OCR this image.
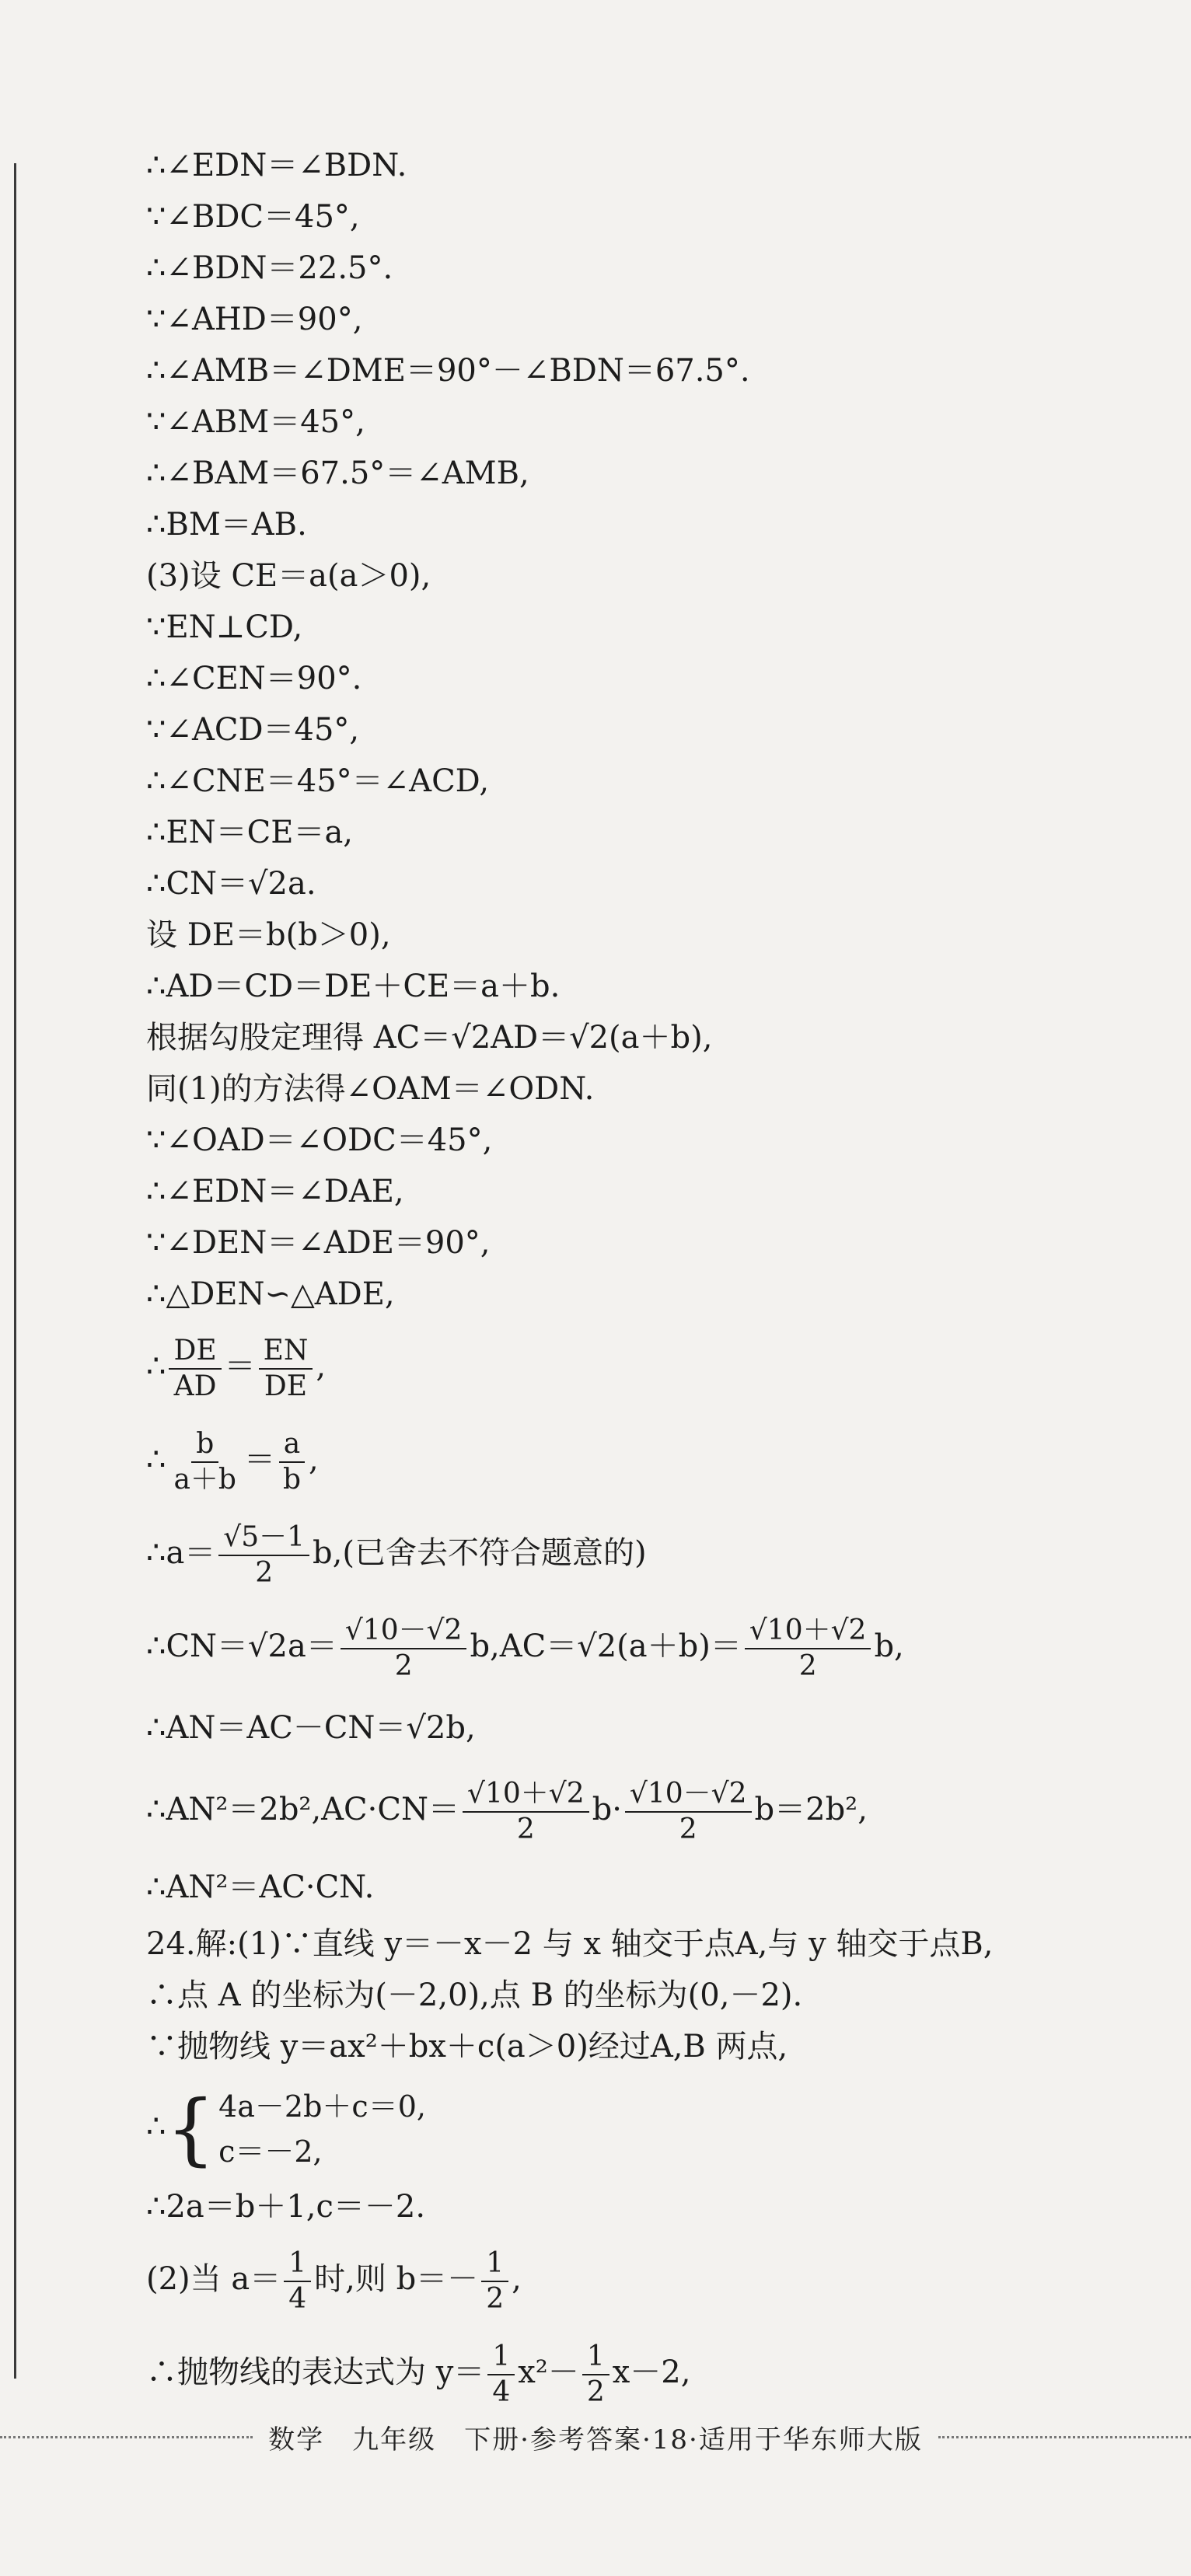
∴∠EDN＝∠BDN.
∵∠BDC＝45°,
∴∠BDN＝22.5°.
∵∠AHD＝90°,
∴∠AMB＝∠DME＝90°－∠BDN＝67.5°.
∵∠ABM＝45°,
∴∠BAM＝67.5°＝∠AMB,
∴BM＝AB.
(3)设 CE＝a(a＞0),
∵EN⊥CD,
∴∠CEN＝90°.
∵∠ACD＝45°,
∴∠CNE＝45°＝∠ACD,
∴EN＝CE＝a,
∴CN＝√2a.
设 DE＝b(b＞0),
∴AD＝CD＝DE＋CE＝a＋b.
根据勾股定理得 AC＝√2AD＝√2(a＋b),
同(1)的方法得∠OAM＝∠ODN.
∵∠OAD＝∠ODC＝45°,
∴∠EDN＝∠DAE,
∵∠DEN＝∠ADE＝90°,
∴△DEN∽△ADE,
∴ $\frac{DE}{AD} = \frac{EN}{DE}$ ,
∴ $\frac{b}{a+b} = \frac{a}{b}$ ,
∴a＝ $\frac{√5-1}{2} b$,(已舍去不符合题意的)
∴CN＝√2a＝ $\frac{√10-√2}{2} b,AC=√2(a+b)= \frac{√10+√2}{2} b$,
∴AN＝AC－CN＝√2b,
∴AN²＝2b²,AC·CN＝ $\frac{√10+√2}{2} b\cdot \frac{√10-√2}{2} b=2b^2$,
∴AN²＝AC·CN.
24.解:(1)∵直线 y＝－x－2 与 x 轴交于点A,与 y 轴交于点B,
∴点 A 的坐标为(－2,0),点 B 的坐标为(0,－2).
∵抛物线 y＝ax²＋bx＋c(a＞0)经过A,B 两点,
∴{ 4a－2b＋c＝0,
c＝－2,
∴2a＝b＋1,c＝－2.
(2)当 $a= \frac{1}{4}$ 时,则 $b=- \frac{1}{2}$ ,
∴抛物线的表达式为 $y= \frac{1}{4} x^2- \frac{1}{2} x-2$,
数学　九年级　下册·参考答案·18·适用于华东师大版
